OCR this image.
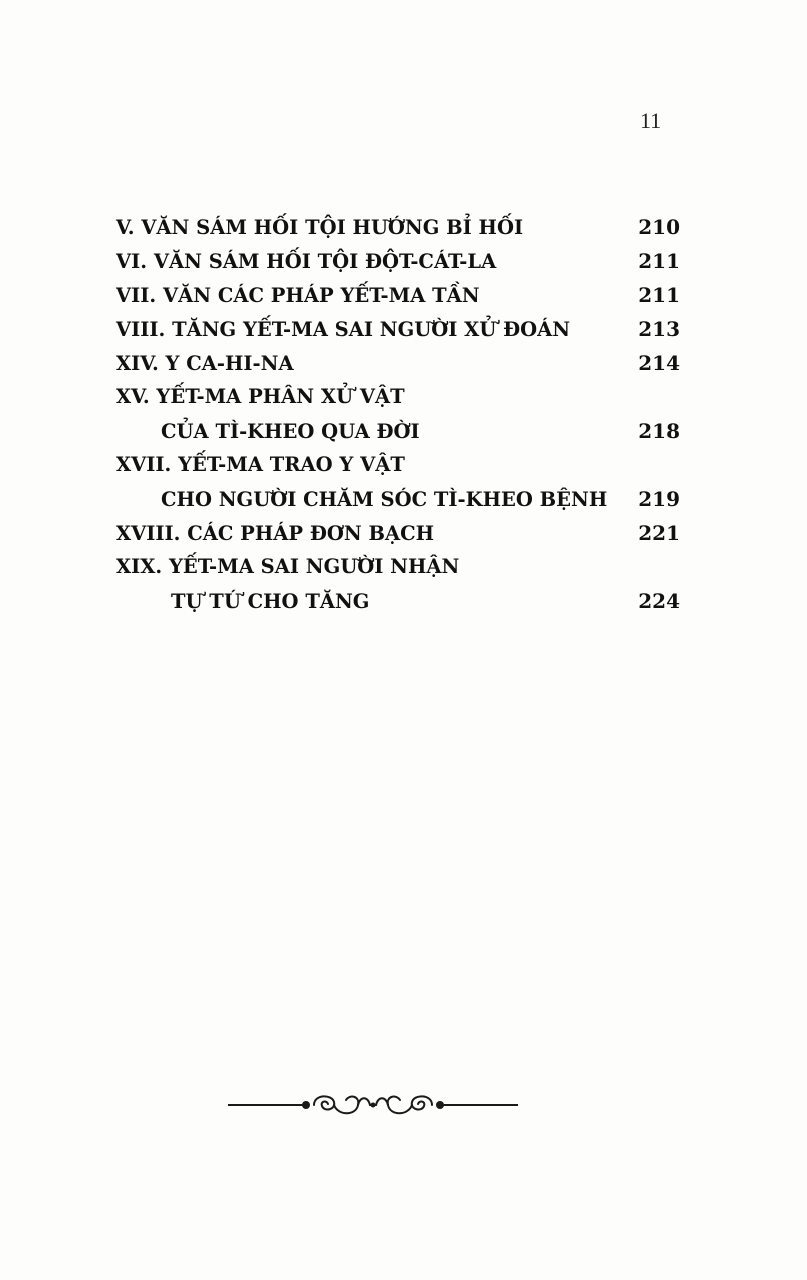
11
V. VĂN SÁM HỐI TỘI HƯỚNG BỈ HỐI	210
VI. VĂN SÁM HỐI TỘI ĐỘT-CÁT-LA	211
VII. VĂN CÁC PHÁP YẾT-MA TẦN	211
VIII. TĂNG YẾT-MA SAI NGƯỜI XỬ ĐOÁN	213
XIV. Y CA-HI-NA	214
XV. YẾT-MA PHÂN XỬ VẬT
CỦA TÌ-KHEO QUA ĐỜI	218
XVII. YẾT-MA TRAO Y VẬT
CHO NGƯỜI CHĂM SÓC TÌ-KHEO BỆNH 219
XVIII. CÁC PHÁP ĐƠN BẠCH	221
XIX. YẾT-MA SAI NGƯỜI NHẬN
TỰ TỨ CHO TĂNG	224
